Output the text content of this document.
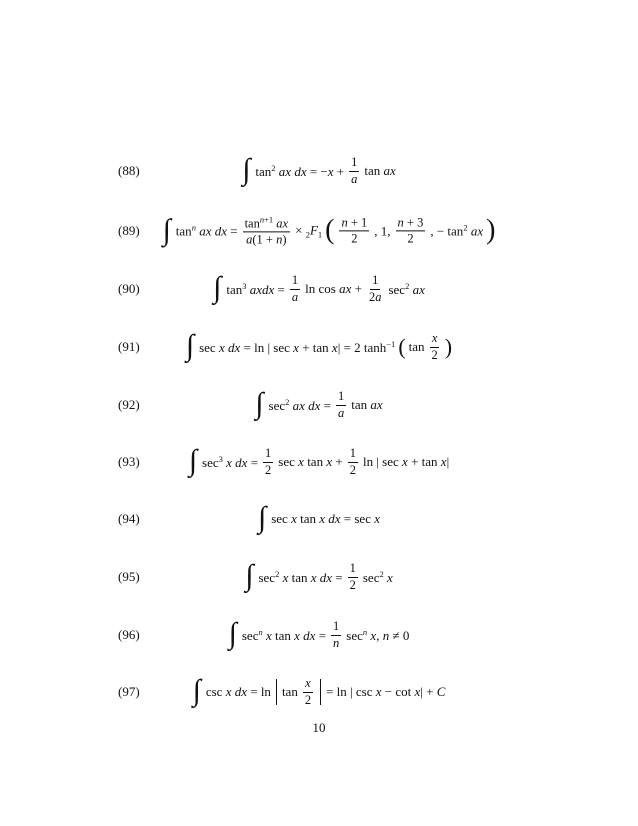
(88)	∫ $\tan^2$ ax dx = $-x + \frac{1}{a}$ tan ax
(89) ∫ $\tan^n$ ax dx = $\frac{\tan^{n+1} ax}{a(1 + n)} \times _2F_1$ ( $\frac{n + 1}{2}$ , 1, $\frac{n + 3}{2}$ , − $\tan^2$ ax )
(90) ∫ $\tan^3$ axdx = $\frac{1}{a}$ ln cos ax + $\frac{1}{2a} \sec^2$ ax
(91) ∫ sec x dx = ln | sec x + tan x| = 2 $\tanh^{-1}$ ( $\tan \frac{x}{2}$ )
(92)	∫ $\sec^2$ ax dx = $\frac{1}{a}$ tan ax
(93) ∫ $\sec^3 x$ dx = $\frac{1}{2}$ sec x $\tan x + \frac{1}{2}$ ln | sec x + tan x|
(94)	∫ sec x tan x dx = sec x
(95)	∫ $\sec^2 x$ tan x dx = $\frac{1}{2} \sec^2 x$
(96)	∫ $\sec^n x$ tan x dx = $\frac{1}{n} \sec^n x$, n ≠ 0
(97) ∫ csc x dx = $\ln \tan \frac{x}{2} = \ln$ | csc x − cot x| + C
10
